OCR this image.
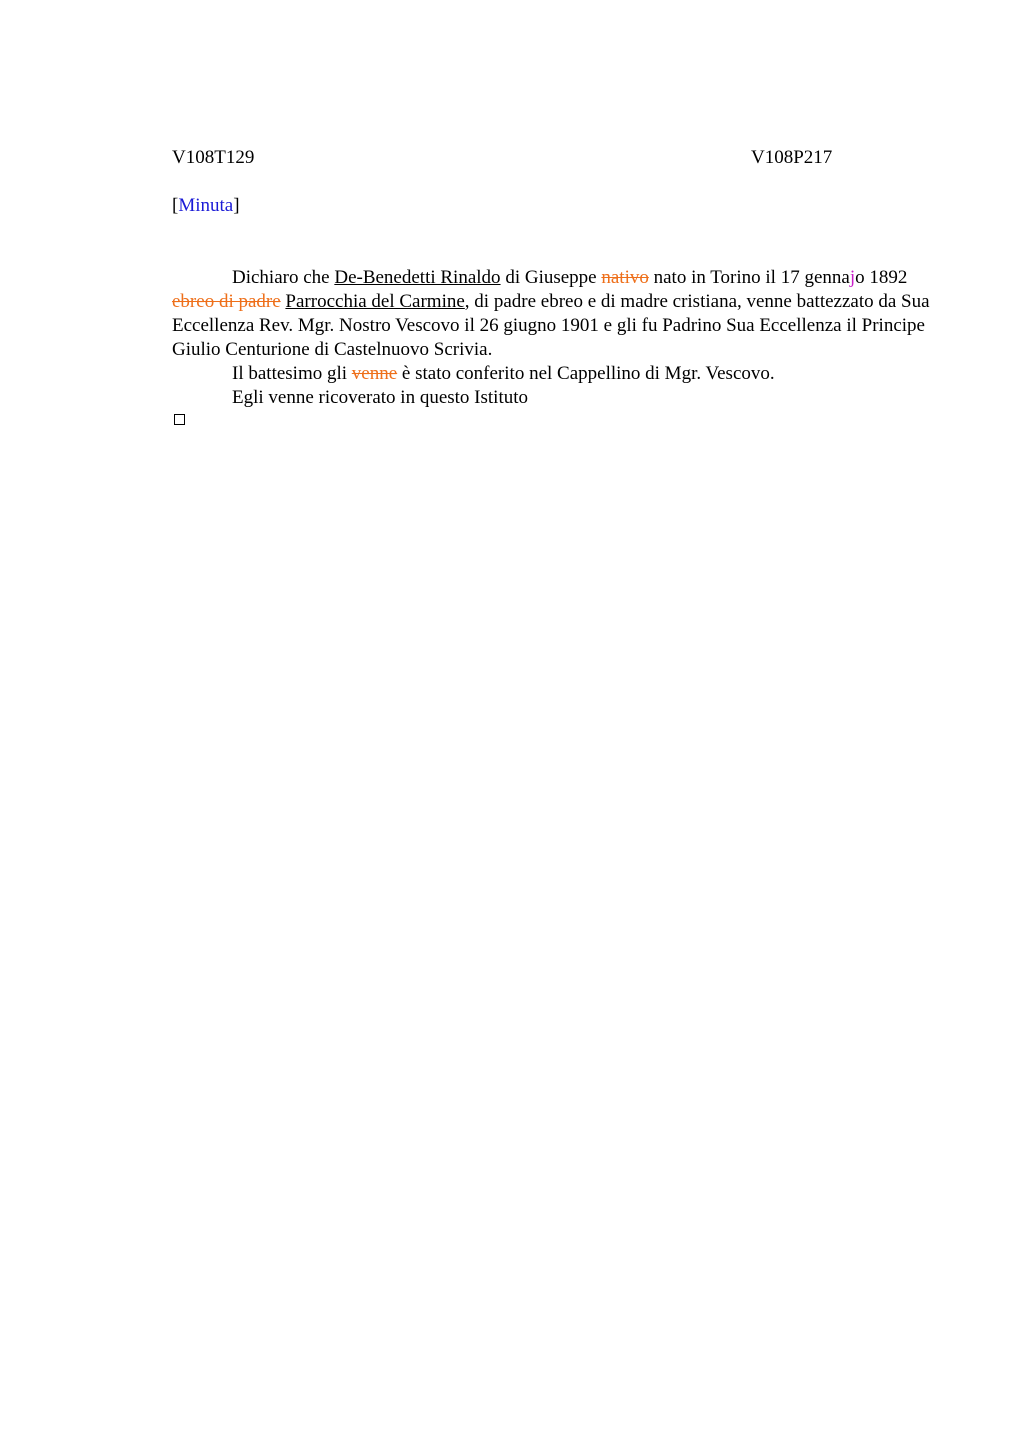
V108T129	V108P217
[Minuta]

Dichiaro che De-Benedetti Rinaldo di Giuseppe nativo nato in Torino il 17 gennajo 1892 ebreo di padre Parrocchia del Carmine, di padre ebreo e di madre cristiana, venne battezzato da Sua Eccellenza Rev. Mgr. Nostro Vescovo il 26 giugno 1901 e gli fu Padrino Sua Eccellenza il Principe Giulio Centurione di Castelnuovo Scrivia.

Il battesimo gli venne è stato conferito nel Cappellino di Mgr. Vescovo.

Egli venne ricoverato in questo Istituto
